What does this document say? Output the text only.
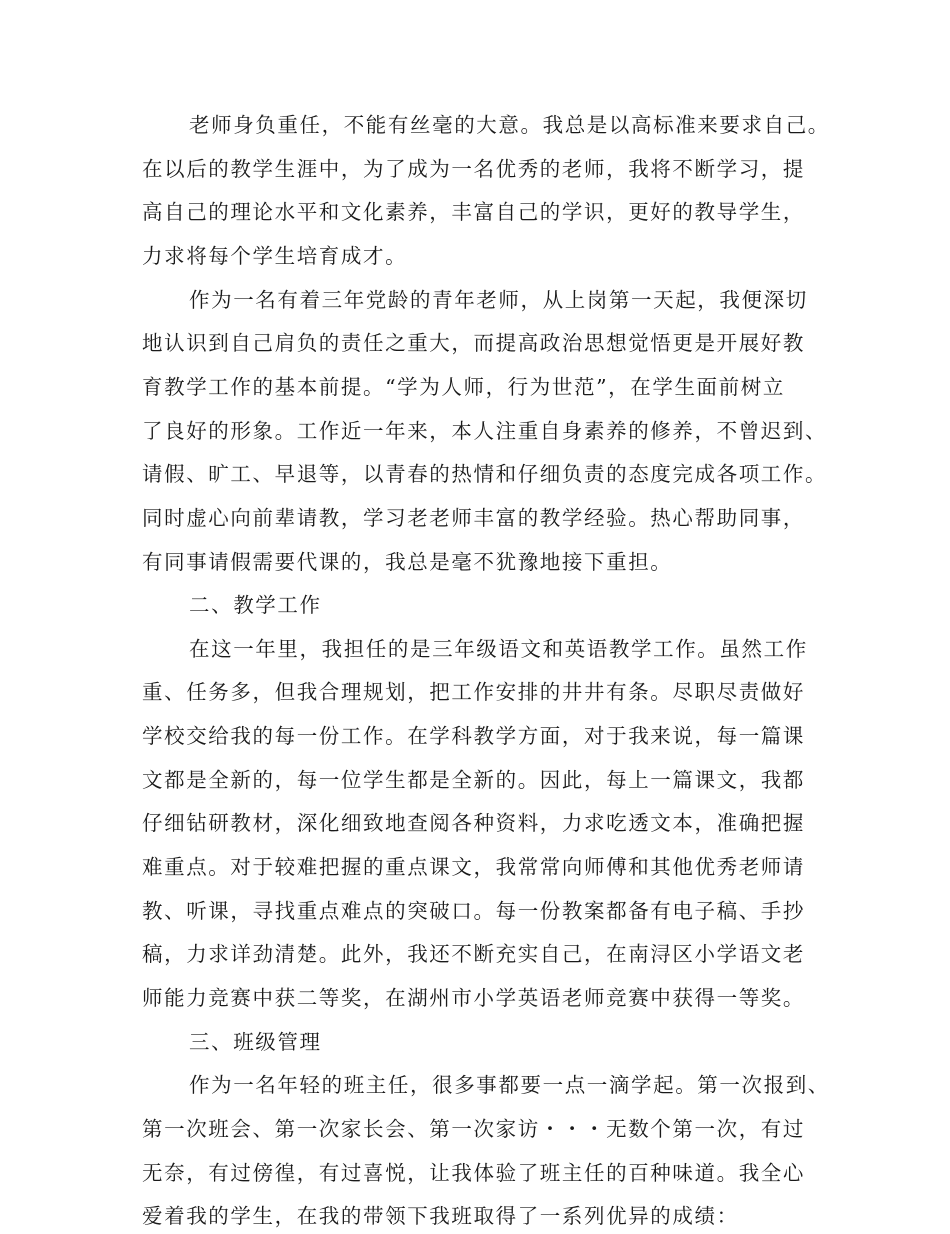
老师身负重任，不能有丝毫的大意。我总是以高标准来要求自己。
在以后的教学生涯中，为了成为一名优秀的老师，我将不断学习，提
高自己的理论水平和文化素养，丰富自己的学识，更好的教导学生，
力求将每个学生培育成才。
作为一名有着三年党龄的青年老师，从上岗第一天起，我便深切
地认识到自己肩负的责任之重大，而提高政治思想觉悟更是开展好教
育教学工作的基本前提。“学为人师，行为世范”，在学生面前树立
了良好的形象。工作近一年来，本人注重自身素养的修养，不曾迟到、
请假、旷工、早退等，以青春的热情和仔细负责的态度完成各项工作。
同时虚心向前辈请教，学习老老师丰富的教学经验。热心帮助同事，
有同事请假需要代课的，我总是毫不犹豫地接下重担。
二、教学工作
在这一年里，我担任的是三年级语文和英语教学工作。虽然工作
重、任务多，但我合理规划，把工作安排的井井有条。尽职尽责做好
学校交给我的每一份工作。在学科教学方面，对于我来说，每一篇课
文都是全新的，每一位学生都是全新的。因此，每上一篇课文，我都
仔细钻研教材，深化细致地查阅各种资料，力求吃透文本，准确把握
难重点。对于较难把握的重点课文，我常常向师傅和其他优秀老师请
教、听课，寻找重点难点的突破口。每一份教案都备有电子稿、手抄
稿，力求详劲清楚。此外，我还不断充实自己，在南浔区小学语文老
师能力竞赛中获二等奖，在湖州市小学英语老师竞赛中获得一等奖。
三、班级管理
作为一名年轻的班主任，很多事都要一点一滴学起。第一次报到、
第一次班会、第一次家长会、第一次家访・・・无数个第一次，有过
无奈，有过傍徨，有过喜悦，让我体验了班主任的百种味道。我全心
爱着我的学生，在我的带领下我班取得了一系列优异的成绩：
